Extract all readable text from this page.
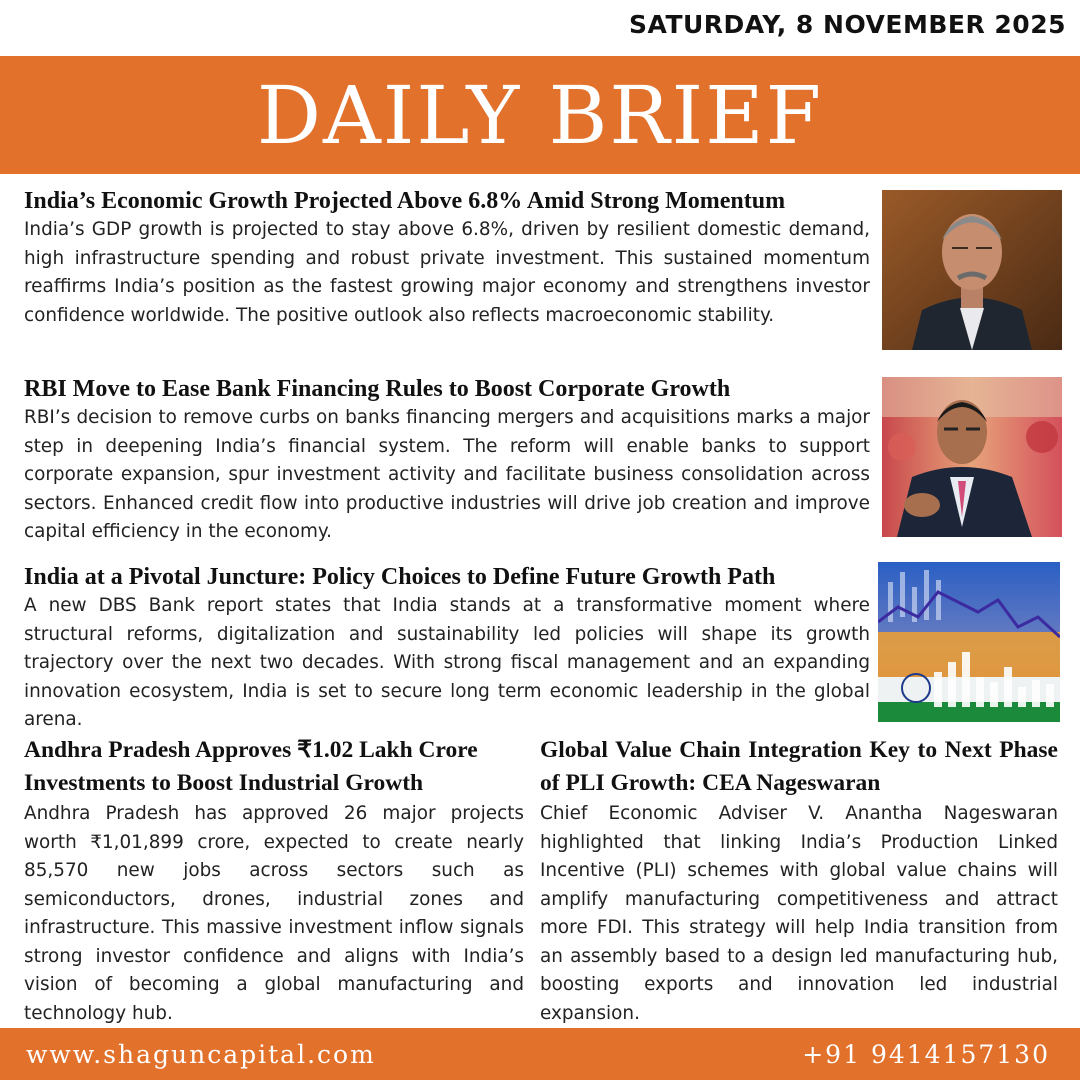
SATURDAY, 8 NOVEMBER 2025
DAILY BRIEF
India’s Economic Growth Projected Above 6.8% Amid Strong Momentum
India’s GDP growth is projected to stay above 6.8%, driven by resilient domestic demand, high infrastructure spending and robust private investment. This sustained momentum reaffirms India’s position as the fastest growing major economy and strengthens investor confidence worldwide. The positive outlook also reflects macroeconomic stability.
RBI Move to Ease Bank Financing Rules to Boost Corporate Growth
RBI’s decision to remove curbs on banks financing mergers and acquisitions marks a major step in deepening India’s financial system. The reform will enable banks to support corporate expansion, spur investment activity and facilitate business consolidation across sectors. Enhanced credit flow into productive industries will drive job creation and improve capital efficiency in the economy.
India at a Pivotal Juncture: Policy Choices to Define Future Growth Path
A new DBS Bank report states that India stands at a transformative moment where structural reforms, digitalization and sustainability led policies will shape its growth trajectory over the next two decades. With strong fiscal management and an expanding innovation ecosystem, India is set to secure long term economic leadership in the global arena.
Andhra Pradesh Approves ₹1.02 Lakh Crore Investments to Boost Industrial Growth
Andhra Pradesh has approved 26 major projects worth ₹1,01,899 crore, expected to create nearly 85,570 new jobs across sectors such as semiconductors, drones, industrial zones and infrastructure. This massive investment inflow signals strong investor confidence and aligns with India’s vision of becoming a global manufacturing and technology hub.
Global Value Chain Integration Key to Next Phase of PLI Growth: CEA Nageswaran
Chief Economic Adviser V. Anantha Nageswaran highlighted that linking India’s Production Linked Incentive (PLI) schemes with global value chains will amplify manufacturing competitiveness and attract more FDI. This strategy will help India transition from an assembly based to a design led manufacturing hub, boosting exports and innovation led industrial expansion.
www.shaguncapital.com	+91 9414157130
